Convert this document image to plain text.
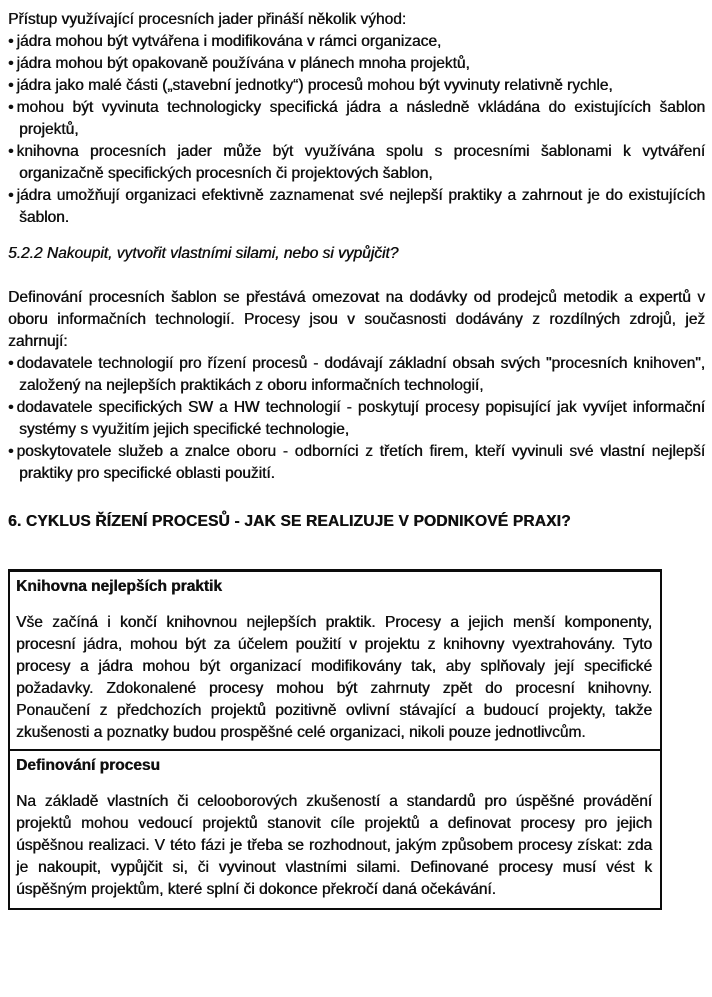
Přístup využívající procesních jader přináší několik výhod:

• jádra mohou být vytvářena i modifikována v rámci organizace,
• jádra mohou být opakovaně používána v plánech mnoha projektů,
• jádra jako malé části („stavební jednotky“) procesů mohou být vyvinuty relativně rychle,
• mohou být vyvinuta technologicky specifická jádra a následně vkládána do existujících šablon projektů,
• knihovna procesních jader může být využívána spolu s procesními šablonami k vytváření organizačně specifických procesních či projektových šablon,
• jádra umožňují organizaci efektivně zaznamenat své nejlepší praktiky a zahrnout je do existujících šablon.

5.2.2 Nakoupit, vytvořit vlastními silami, nebo si vypůjčit?

Definování procesních šablon se přestává omezovat na dodávky od prodejců metodik a expertů v oboru informačních technologií. Procesy jsou v současnosti dodávány z rozdílných zdrojů, jež zahrnují:

• dodavatele technologií pro řízení procesů - dodávají základní obsah svých "procesních knihoven", založený na nejlepších praktikách z oboru informačních technologií,
• dodavatele specifických SW a HW technologií - poskytují procesy popisující jak vyvíjet informační systémy s využitím jejich specifické technologie,
• poskytovatele služeb a znalce oboru - odborníci z třetích firem, kteří vyvinuli své vlastní nejlepší praktiky pro specifické oblasti použití.
6. CYKLUS ŘÍZENÍ PROCESŮ - JAK SE REALIZUJE V PODNIKOVÉ PRAXI?
Knihovna nejlepších praktik

Vše začíná i končí knihovnou nejlepších praktik. Procesy a jejich menší komponenty, procesní jádra, mohou být za účelem použití v projektu z knihovny vyextrahovány. Tyto procesy a jádra mohou být organizací modifikovány tak, aby splňovaly její specifické požadavky. Zdokonalené procesy mohou být zahrnuty zpět do procesní knihovny. Ponaučení z předchozích projektů pozitivně ovlivní stávající a budoucí projekty, takže zkušenosti a poznatky budou prospěšné celé organizaci, nikoli pouze jednotlivcům.

Definování procesu

Na základě vlastních či celooborových zkušeností a standardů pro úspěšné provádění projektů mohou vedoucí projektů stanovit cíle projektů a definovat procesy pro jejich úspěšnou realizaci. V této fázi je třeba se rozhodnout, jakým způsobem procesy získat: zda je nakoupit, vypůjčit si, či vyvinout vlastními silami. Definované procesy musí vést k úspěšným projektům, které splní či dokonce překročí daná očekávání.
